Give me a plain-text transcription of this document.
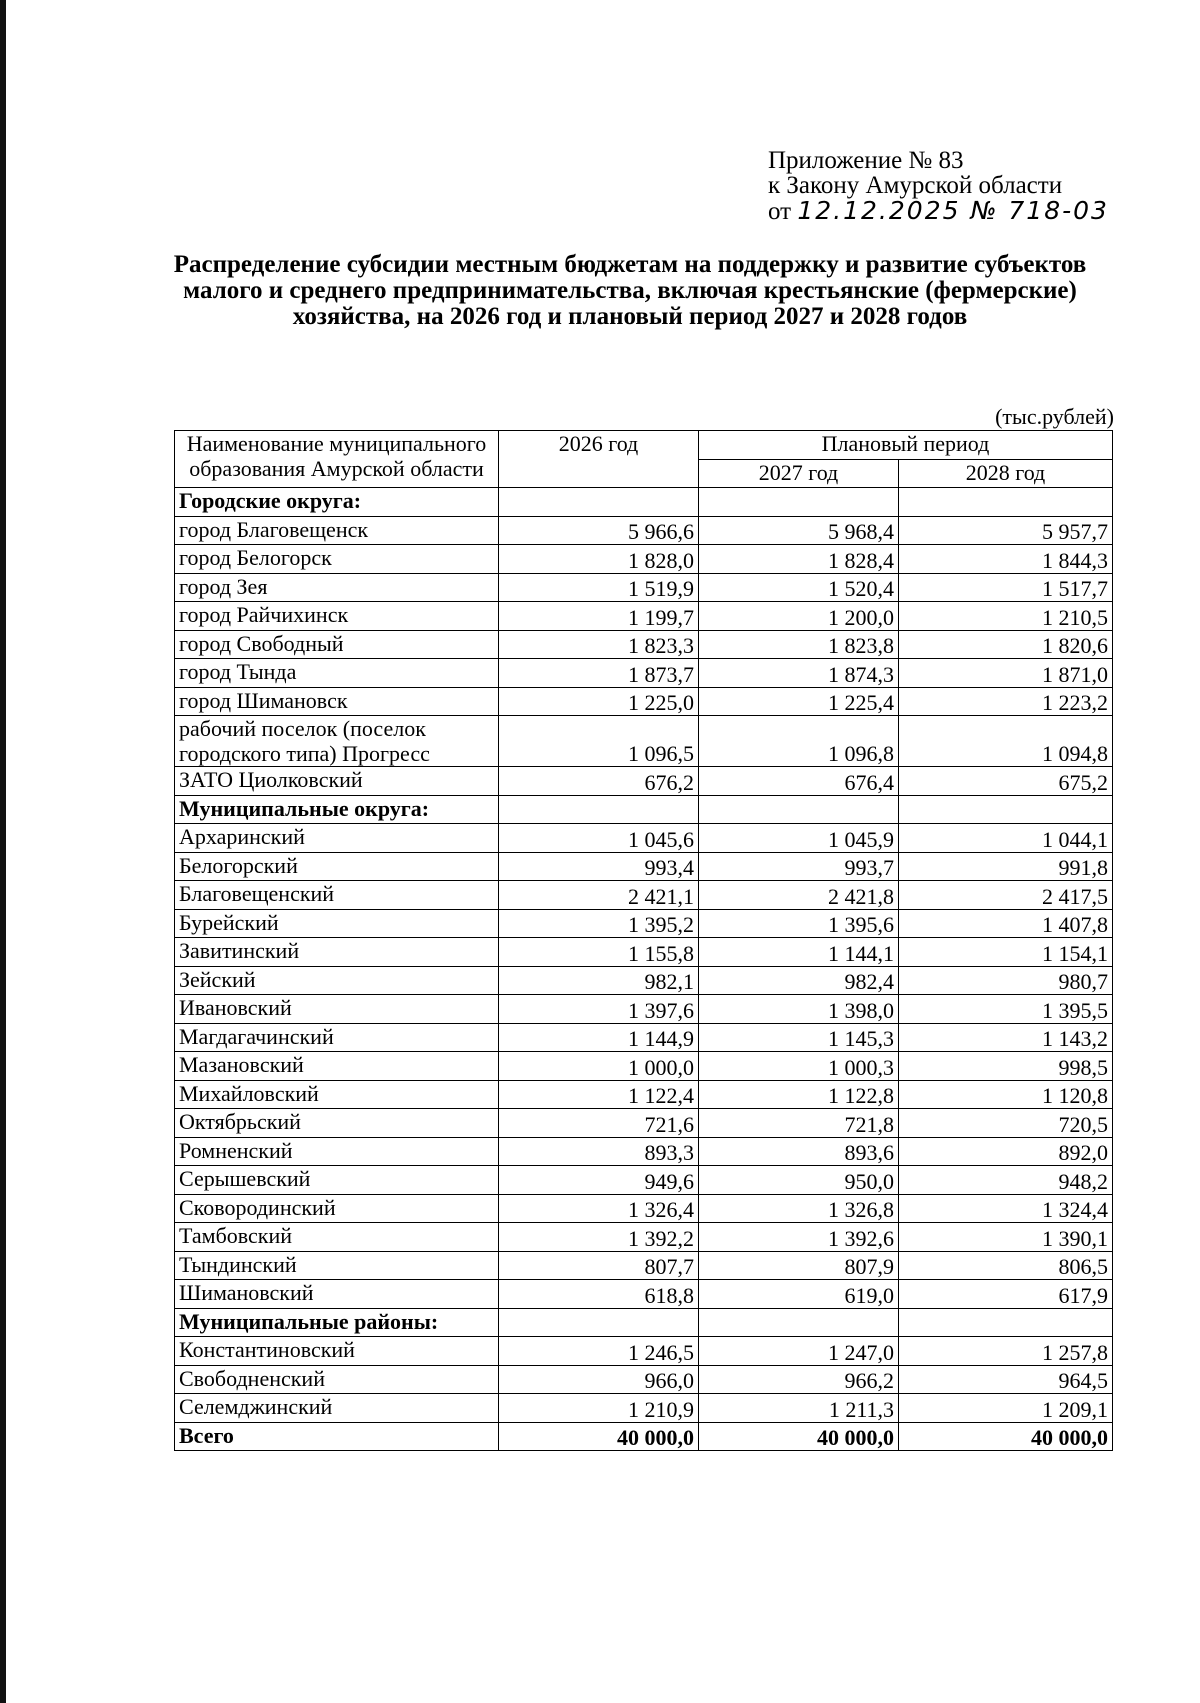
Приложение № 83
к Закону Амурской области
от 12.12.2025 № 718-03
Распределение субсидии местным бюджетам на поддержку и развитие субъектов малого и среднего предпринимательства, включая крестьянские (фермерские) хозяйства, на 2026 год и плановый период 2027 и 2028 годов
(тыс.рублей)
Наименование муниципального образования Амурской области	2026 год	Плановый период	
		2027 год	2028 год
Городские округа:			
город Благовещенск	5 966,6	5 968,4	5 957,7
город Белогорск	1 828,0	1 828,4	1 844,3
город Зея	1 519,9	1 520,4	1 517,7
город Райчихинск	1 199,7	1 200,0	1 210,5
город Свободный	1 823,3	1 823,8	1 820,6
город Тында	1 873,7	1 874,3	1 871,0
город Шимановск	1 225,0	1 225,4	1 223,2
рабочий поселок (поселок городского типа) Прогресс	1 096,5	1 096,8	1 094,8
ЗАТО Циолковский	676,2	676,4	675,2
Муниципальные округа:			
Архаринский	1 045,6	1 045,9	1 044,1
Белогорский	993,4	993,7	991,8
Благовещенский	2 421,1	2 421,8	2 417,5
Бурейский	1 395,2	1 395,6	1 407,8
Завитинский	1 155,8	1 144,1	1 154,1
Зейский	982,1	982,4	980,7
Ивановский	1 397,6	1 398,0	1 395,5
Магдагачинский	1 144,9	1 145,3	1 143,2
Мазановский	1 000,0	1 000,3	998,5
Михайловский	1 122,4	1 122,8	1 120,8
Октябрьский	721,6	721,8	720,5
Ромненский	893,3	893,6	892,0
Серышевский	949,6	950,0	948,2
Сковородинский	1 326,4	1 326,8	1 324,4
Тамбовский	1 392,2	1 392,6	1 390,1
Тындинский	807,7	807,9	806,5
Шимановский	618,8	619,0	617,9
Муниципальные районы:			
Константиновский	1 246,5	1 247,0	1 257,8
Свободненский	966,0	966,2	964,5
Селемджинский	1 210,9	1 211,3	1 209,1
Всего	40 000,0	40 000,0	40 000,0
